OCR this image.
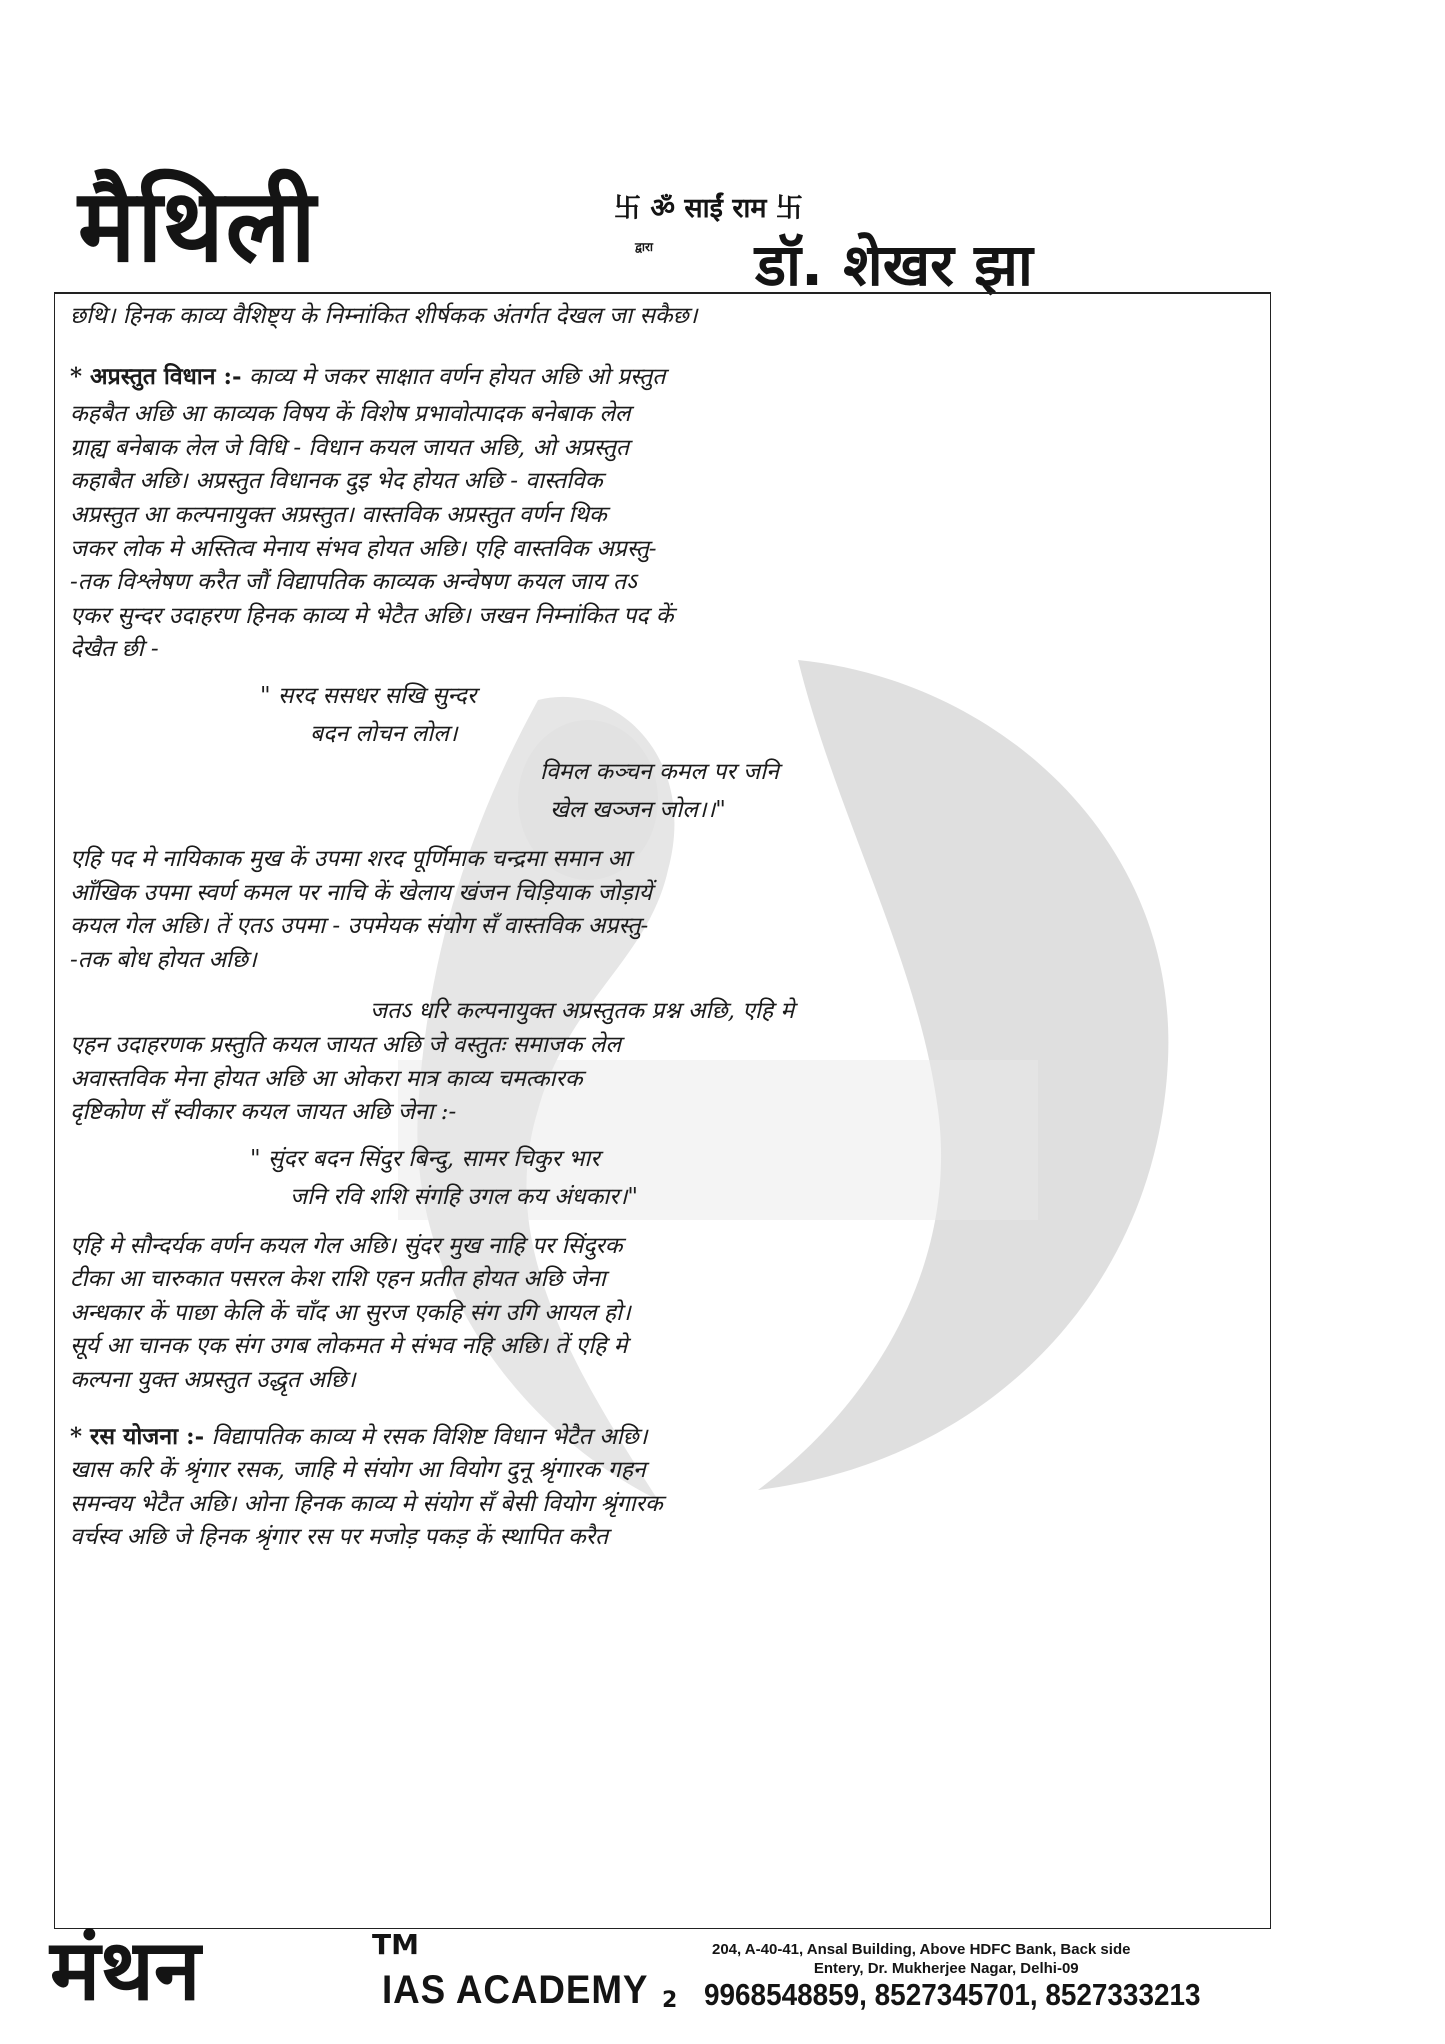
मैथिली	卐 ॐ साईं राम 卐
द्वारा डॉ. शेखर झा

छथि। हिनक काव्य वैशिष्ट्य के निम्नांकित शीर्षकक अंतर्गत देखल जा सकैछ।

* अप्रस्तुत विधान :- काव्य मे जकर साक्षात वर्णन होयत अछि ओ प्रस्तुत

कहबैत अछि आ काव्यक विषय कें विशेष प्रभावोत्पादक बनेबाक लेल

ग्राह्य बनेबाक लेल जे विधि - विधान कयल जायत अछि, ओ अप्रस्तुत

कहाबैत अछि। अप्रस्तुत विधानक दुइ भेद होयत अछि - वास्तविक

अप्रस्तुत आ कल्पनायुक्त अप्रस्तुत। वास्तविक अप्रस्तुत वर्णन थिक

जकर लोक मे अस्तित्व मेनाय संभव होयत अछि। एहि वास्तविक अप्रस्तु-

-तक विश्लेषण करैत जौं विद्यापतिक काव्यक अन्वेषण कयल जाय तऽ

एकर सुन्दर उदाहरण हिनक काव्य मे भेटैत अछि। जखन निम्नांकित पद कें

देखैत छी -

" सरद ससधर सखि सुन्दर

बदन लोचन लोल।

विमल कञ्चन कमल पर जनि

खेल खञ्जन जोल।।"

एहि पद मे नायिकाक मुख कें उपमा शरद पूर्णिमाक चन्द्रमा समान आ

आँखिक उपमा स्वर्ण कमल पर नाचि कें खेलाय खंजन चिड़ियाक जोड़ायें

कयल गेल अछि। तें एतऽ उपमा - उपमेयक संयोग सँ वास्तविक अप्रस्तु-

-तक बोध होयत अछि।

जतऽ धरि कल्पनायुक्त अप्रस्तुतक प्रश्न अछि, एहि मे

एहन उदाहरणक प्रस्तुति कयल जायत अछि जे वस्तुतः समाजक लेल

अवास्तविक मेना होयत अछि आ ओकरा मात्र काव्य चमत्कारक

दृष्टिकोण सँ स्वीकार कयल जायत अछि जेना :-

" सुंदर बदन सिंदुर बिन्दु, सामर चिकुर भार

जनि रवि शशि संगहि उगल कय अंधकार।"

एहि मे सौन्दर्यक वर्णन कयल गेल अछि। सुंदर मुख नाहि पर सिंदुरक

टीका आ चारुकात पसरल केश राशि एहन प्रतीत होयत अछि जेना

अन्धकार कें पाछा केलि कें चाँद आ सुरज एकहि संग उगि आयल हो।

सूर्य आ चानक एक संग उगब लोकमत मे संभव नहि अछि। तें एहि मे

कल्पना युक्त अप्रस्तुत उद्धृत अछि।

* रस योजना :- विद्यापतिक काव्य मे रसक विशिष्ट विधान भेटैत अछि।

खास करि कें श्रृंगार रसक, जाहि मे संयोग आ वियोग दुनू श्रृंगारक गहन

समन्वय भेटैत अछि। ओना हिनक काव्य मे संयोग सँ बेसी वियोग श्रृंगारक

वर्चस्व अछि जे हिनक श्रृंगार रस पर मजोड़ पकड़ कें स्थापित करैत

मंथन	TM
IAS ACADEMY 2
204, A-40-41, Ansal Building, Above HDFC Bank, Back side
Entery, Dr. Mukherjee Nagar, Delhi-09
9968548859, 8527345701, 8527333213
